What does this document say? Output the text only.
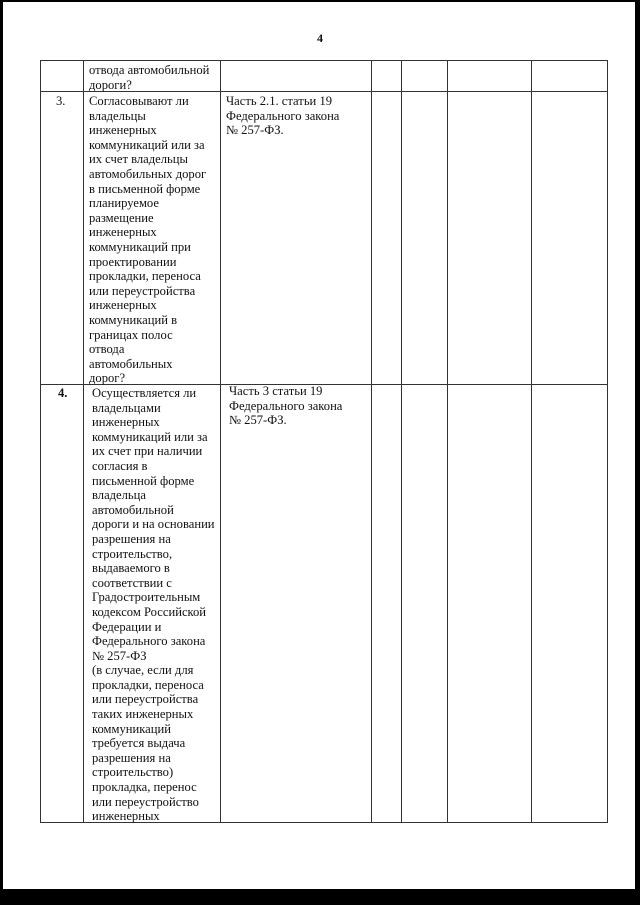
4
отвода автомобильной
дороги?
3. Согласовывают ли
владельцы
инженерных
коммуникаций или за
их счет владельцы
автомобильных дорог
в письменной форме
планируемое
размещение
инженерных
коммуникаций при
проектировании
прокладки, переноса
или переустройства
инженерных
коммуникаций в
границах полос
отвода
автомобильных
дорог?
Часть 2.1. статьи 19
Федерального закона
№ 257-ФЗ.
4. Осуществляется ли
владельцами
инженерных
коммуникаций или за
их счет при наличии
согласия в
письменной форме
владельца
автомобильной
дороги и на основании
разрешения на
строительство,
выдаваемого в
соответствии с
Градостроительным
кодексом Российской
Федерации и
Федерального закона
№ 257-ФЗ
(в случае, если для
прокладки, переноса
или переустройства
таких инженерных
коммуникаций
требуется выдача
разрешения на
строительство)
прокладка, перенос
или переустройство
инженерных
Часть 3 статьи 19
Федерального закона
№ 257-ФЗ.
